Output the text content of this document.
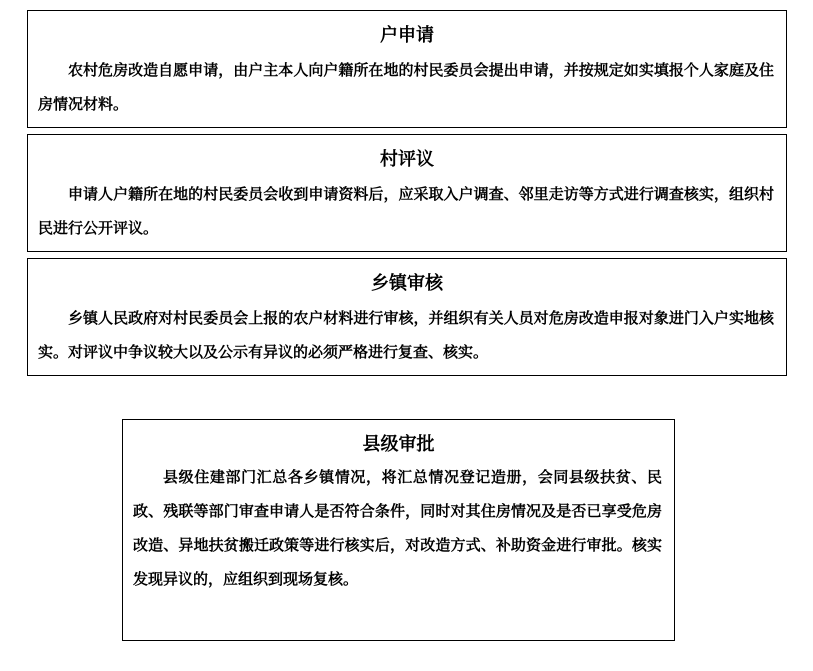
户申请

农村危房改造自愿申请，由户主本人向户籍所在地的村民委员会提出申请，并按规定如实填报个人家庭及住房情况材料。

村评议

申请人户籍所在地的村民委员会收到申请资料后，应采取入户调查、邻里走访等方式进行调查核实，组织村民进行公开评议。

乡镇审核

乡镇人民政府对村民委员会上报的农户材料进行审核，并组织有关人员对危房改造申报对象进门入户实地核实。对评议中争议较大以及公示有异议的必须严格进行复查、核实。

县级审批

县级住建部门汇总各乡镇情况，将汇总情况登记造册，会同县级扶贫、民政、残联等部门审查申请人是否符合条件，同时对其住房情况及是否已享受危房改造、异地扶贫搬迁政策等进行核实后，对改造方式、补助资金进行审批。核实发现异议的，应组织到现场复核。
